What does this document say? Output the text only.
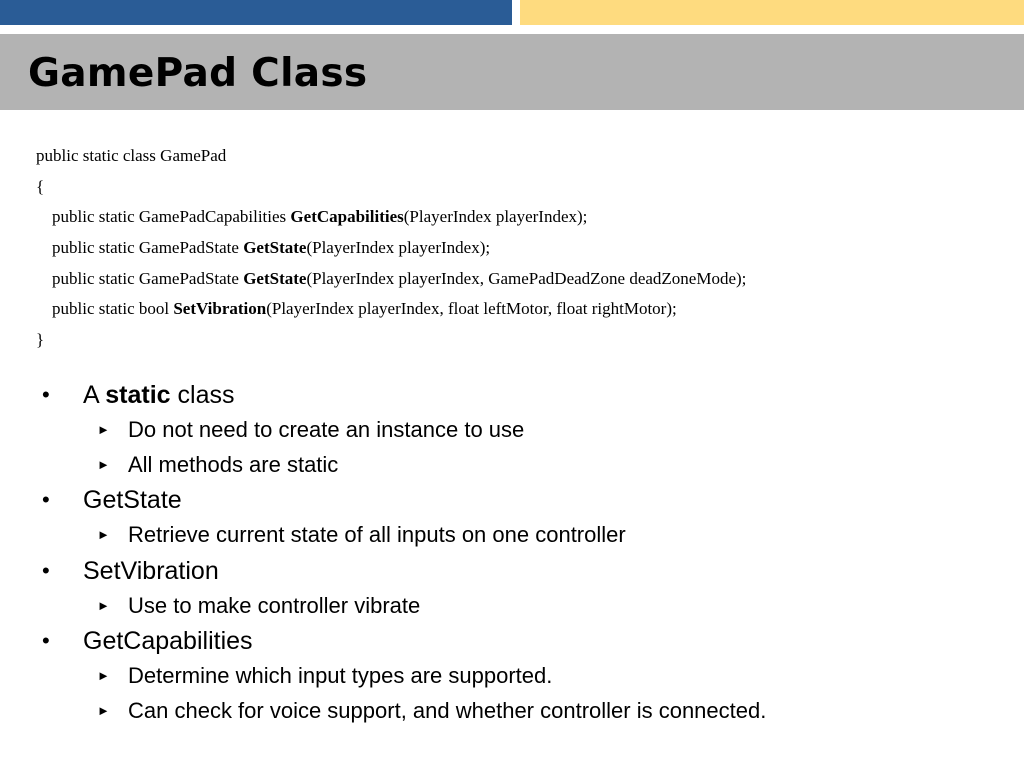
GamePad Class
public static class GamePad
{
public static GamePadCapabilities GetCapabilities(PlayerIndex playerIndex);
public static GamePadState GetState(PlayerIndex playerIndex);
public static GamePadState GetState(PlayerIndex playerIndex, GamePadDeadZone deadZoneMode);
public static bool SetVibration(PlayerIndex playerIndex, float leftMotor, float rightMotor);
}
• A static class
► Do not need to create an instance to use
► All methods are static
• GetState
► Retrieve current state of all inputs on one controller
• SetVibration
► Use to make controller vibrate
• GetCapabilities
► Determine which input types are supported.
► Can check for voice support, and whether controller is connected.
